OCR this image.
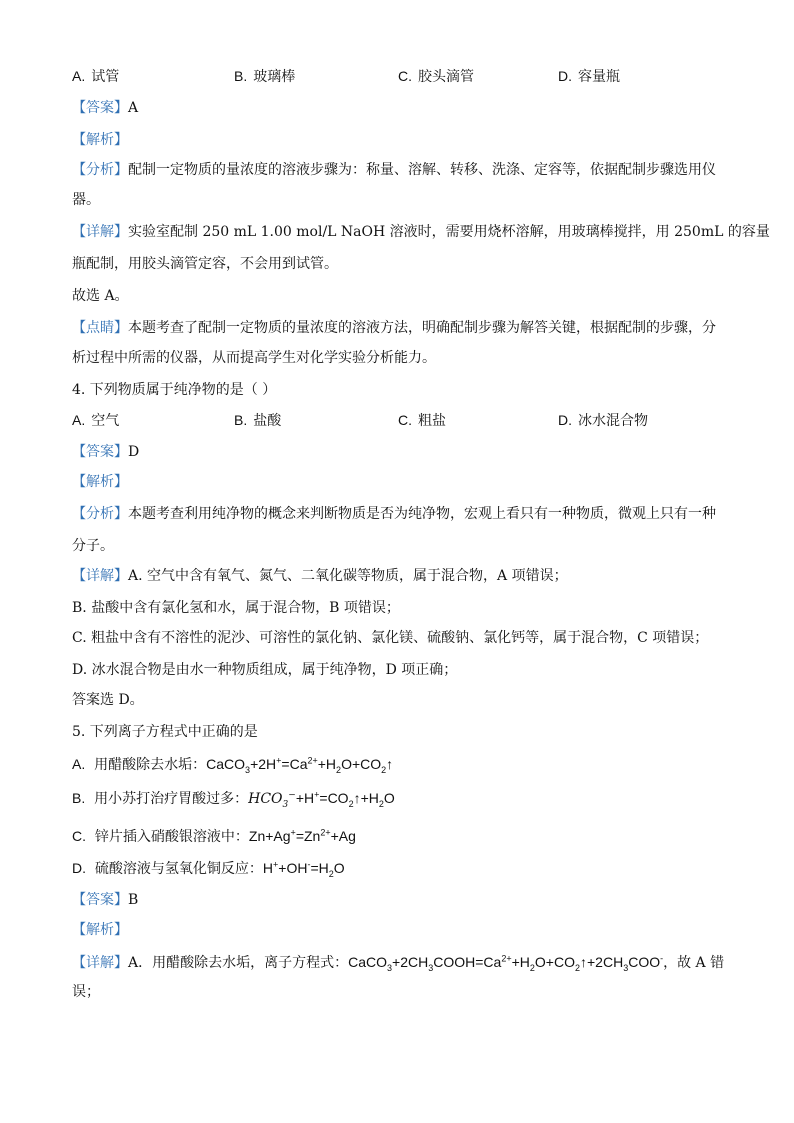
A. 试管	B. 玻璃棒	C. 胶头滴管	D. 容量瓶
【答案】A
【解析】
【分析】配制一定物质的量浓度的溶液步骤为：称量、溶解、转移、洗涤、定容等，依据配制步骤选用仪
器。
【详解】实验室配制 250 mL 1.00 mol/L NaOH 溶液时，需要用烧杯溶解，用玻璃棒搅拌，用 250mL 的容量
瓶配制，用胶头滴管定容，不会用到试管。
故选 A。
【点睛】本题考查了配制一定物质的量浓度的溶液方法，明确配制步骤为解答关键，根据配制的步骤，分
析过程中所需的仪器，从而提高学生对化学实验分析能力。
4. 下列物质属于纯净物的是（ ）
A. 空气	B. 盐酸	C. 粗盐	D. 冰水混合物
【答案】D
【解析】
【分析】本题考查利用纯净物的概念来判断物质是否为纯净物，宏观上看只有一种物质，微观上只有一种
分子。
【详解】A. 空气中含有氧气、氮气、二氧化碳等物质，属于混合物，A 项错误；
B. 盐酸中含有氯化氢和水，属于混合物，B 项错误；
C. 粗盐中含有不溶性的泥沙、可溶性的氯化钠、氯化镁、硫酸钠、氯化钙等，属于混合物，C 项错误；
D. 冰水混合物是由水一种物质组成，属于纯净物，D 项正确；
答案选 D。
5. 下列离子方程式中正确的是
A. 用醋酸除去水垢：$CaCO_3+2H^+=Ca^{2+}+H_2O+CO_2↑$
B. 用小苏打治疗胃酸过多：$HCO_3^-+H^+=CO_2↑+H_2O$
C. 锌片插入硝酸银溶液中：$Zn+Ag^+=Zn^{2+}+Ag$
D. 硫酸溶液与氢氧化铜反应：$H^++OH^-=H_2O$
【答案】B
【解析】
【详解】A．用醋酸除去水垢，离子方程式：$CaCO_3+2CH_3COOH=Ca^{2+}+H_2O+CO_2↑+2CH_3COO^-$，故 A 错
误；
